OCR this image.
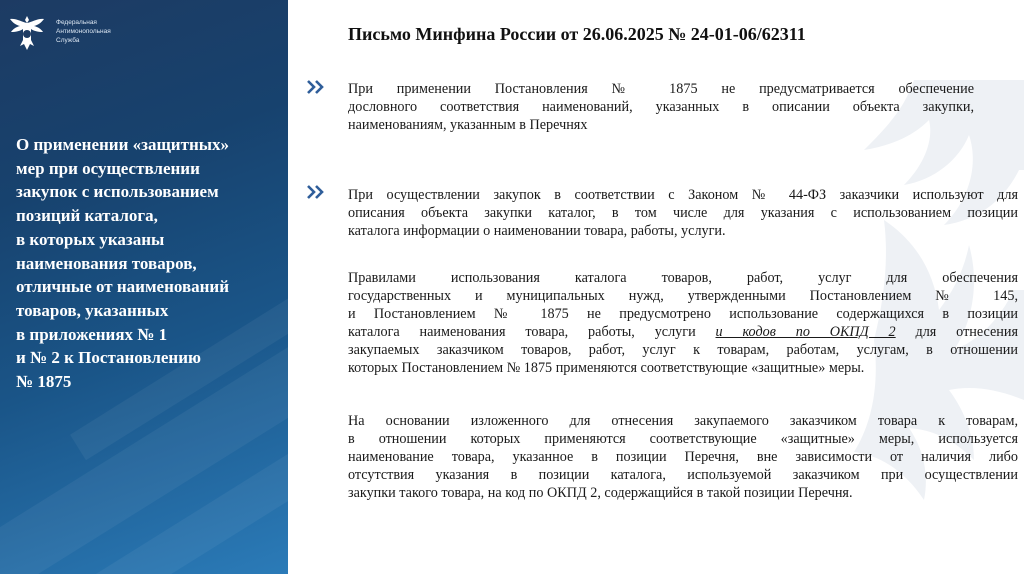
Федеральная
Антимонопольная
Служба
О применении «защитных»
мер при осуществлении
закупок с использованием
позиций каталога,
в которых указаны
наименования товаров,
отличные от наименований
товаров, указанных
в приложениях № 1
и № 2 к Постановлению
№ 1875
Письмо Минфина России от 26.06.2025 № 24-01-06/62311
При применении Постановления № 1875 не предусматривается обеспечение
дословного соответствия наименований, указанных в описании объекта закупки,
наименованиям, указанным в Перечнях
При осуществлении закупок в соответствии с Законом № 44-ФЗ заказчики используют для
описания объекта закупки каталог, в том числе для указания с использованием позиции
каталога информации о наименовании товара, работы, услуги.
Правилами использования каталога товаров, работ, услуг для обеспечения
государственных и муниципальных нужд, утвержденными Постановлением № 145,
и Постановлением № 1875 не предусмотрено использование содержащихся в позиции
каталога наименования товара, работы, услуги и кодов по ОКПД 2 для отнесения
закупаемых заказчиком товаров, работ, услуг к товарам, работам, услугам, в отношении
которых Постановлением № 1875 применяются соответствующие «защитные» меры.
На основании изложенного для отнесения закупаемого заказчиком товара к товарам,
в отношении которых применяются соответствующие «защитные» меры, используется
наименование товара, указанное в позиции Перечня, вне зависимости от наличия либо
отсутствия указания в позиции каталога, используемой заказчиком при осуществлении
закупки такого товара, на код по ОКПД 2, содержащийся в такой позиции Перечня.
